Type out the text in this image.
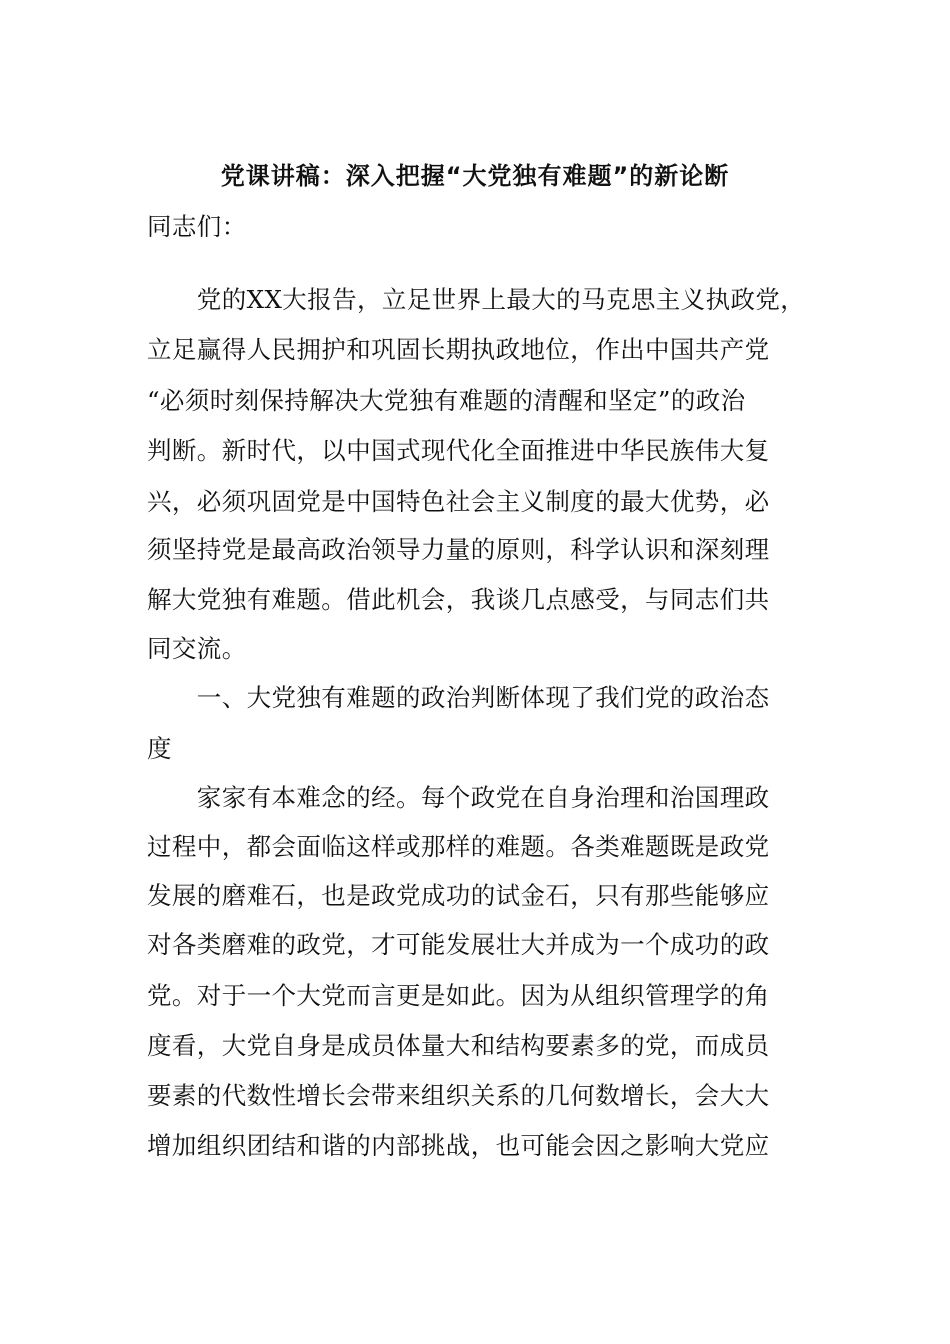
党课讲稿：深入把握“大党独有难题”的新论断
同志们：
　　党的XX大报告，立足世界上最大的马克思主义执政党，
立足赢得人民拥护和巩固长期执政地位，作出中国共产党
“必须时刻保持解决大党独有难题的清醒和坚定”的政治
判断。新时代，以中国式现代化全面推进中华民族伟大复
兴，必须巩固党是中国特色社会主义制度的最大优势，必
须坚持党是最高政治领导力量的原则，科学认识和深刻理
解大党独有难题。借此机会，我谈几点感受，与同志们共
同交流。
　　一、大党独有难题的政治判断体现了我们党的政治态
度
　　家家有本难念的经。每个政党在自身治理和治国理政
过程中，都会面临这样或那样的难题。各类难题既是政党
发展的磨难石，也是政党成功的试金石，只有那些能够应
对各类磨难的政党，才可能发展壮大并成为一个成功的政
党。对于一个大党而言更是如此。因为从组织管理学的角
度看，大党自身是成员体量大和结构要素多的党，而成员
要素的代数性增长会带来组织关系的几何数增长，会大大
增加组织团结和谐的内部挑战，也可能会因之影响大党应
